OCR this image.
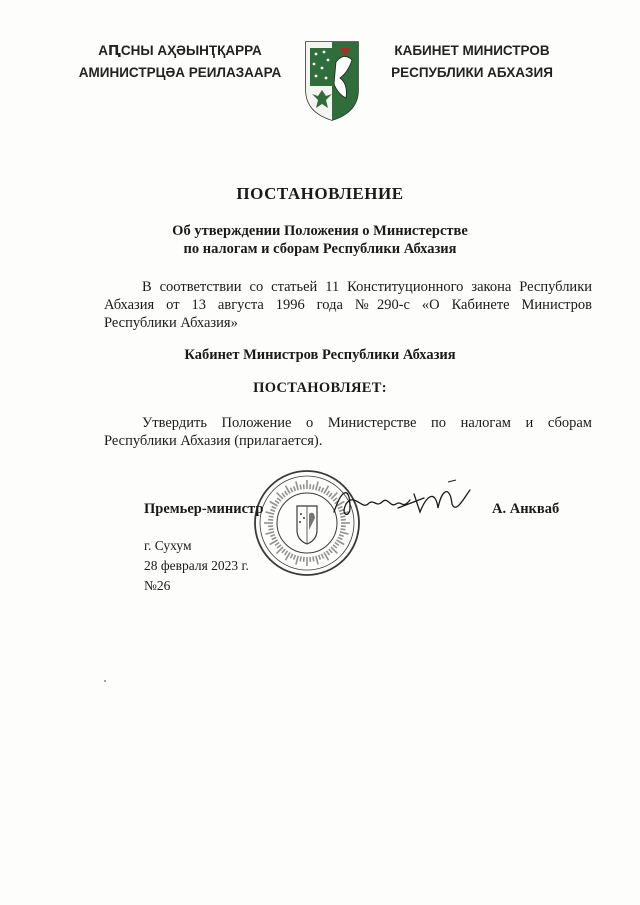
АԤСНЫ АҲӘЫНҬҚАРРА
АМИНИСТРЦӘА РЕИЛАЗААРА
КАБИНЕТ МИНИСТРОВ
РЕСПУБЛИКИ АБХАЗИЯ
ПОСТАНОВЛЕНИЕ
Об утверждении Положения о Министерстве
по налогам и сборам Республики Абхазия
В соответствии со статьей 11 Конституционного закона Республики
Абхазия от 13 августа 1996 года №290-с «О Кабинете Министров
Республики Абхазия»
Кабинет Министров Республики Абхазия
ПОСТАНОВЛЯЕТ:
Утвердить Положение о Министерстве по налогам и сборам
Республики Абхазия (прилагается).
Премьер-министр	А. Анкваб
г. Сухум
28 февраля 2023 г.
№26
